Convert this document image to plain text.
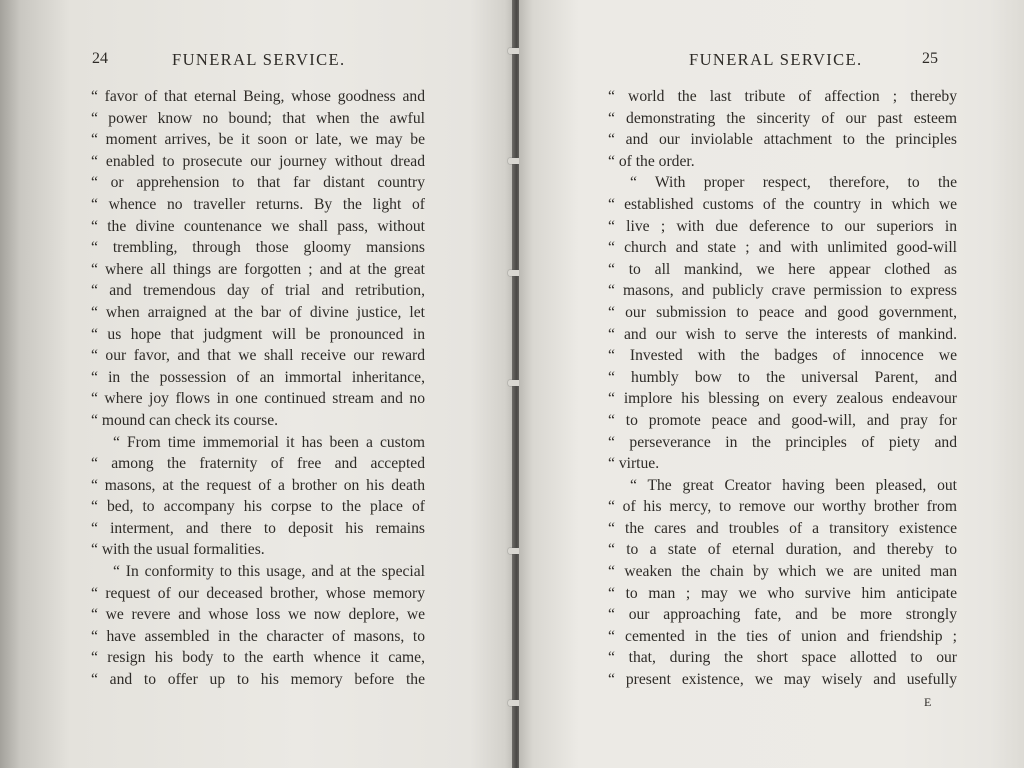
24	FUNERAL SERVICE.
“ favor of that eternal Being, whose goodness and
“ power know no bound; that when the awful
“ moment arrives, be it soon or late, we may be
“ enabled to prosecute our journey without dread
“ or apprehension to that far distant country
“ whence no traveller returns. By the light of
“ the divine countenance we shall pass, without
“ trembling, through those gloomy mansions
“ where all things are forgotten ; and at the great
“ and tremendous day of trial and retribution,
“ when arraigned at the bar of divine justice, let
“ us hope that judgment will be pronounced in
“ our favor, and that we shall receive our reward
“ in the possession of an immortal inheritance,
“ where joy flows in one continued stream and no
“ mound can check its course.
“ From time immemorial it has been a custom
“ among the fraternity of free and accepted
“ masons, at the request of a brother on his death
“ bed, to accompany his corpse to the place of
“ interment, and there to deposit his remains
“ with the usual formalities.
“ In conformity to this usage, and at the special
“ request of our deceased brother, whose memory
“ we revere and whose loss we now deplore, we
“ have assembled in the character of masons, to
“ resign his body to the earth whence it came,
“ and to offer up to his memory before the
FUNERAL SERVICE.	25
“ world the last tribute of affection ; thereby
“ demonstrating the sincerity of our past esteem
“ and our inviolable attachment to the principles
“ of the order.
“ With proper respect, therefore, to the
“ established customs of the country in which we
“ live ; with due deference to our superiors in
“ church and state ; and with unlimited good-will
“ to all mankind, we here appear clothed as
“ masons, and publicly crave permission to express
“ our submission to peace and good government,
“ and our wish to serve the interests of mankind.
“ Invested with the badges of innocence we
“ humbly bow to the universal Parent, and
“ implore his blessing on every zealous endeavour
“ to promote peace and good-will, and pray for
“ perseverance in the principles of piety and
“ virtue.
“ The great Creator having been pleased, out
“ of his mercy, to remove our worthy brother from
“ the cares and troubles of a transitory existence
“ to a state of eternal duration, and thereby to
“ weaken the chain by which we are united man
“ to man ; may we who survive him anticipate
“ our approaching fate, and be more strongly
“ cemented in the ties of union and friendship ;
“ that, during the short space allotted to our
“ present existence, we may wisely and usefully
E
